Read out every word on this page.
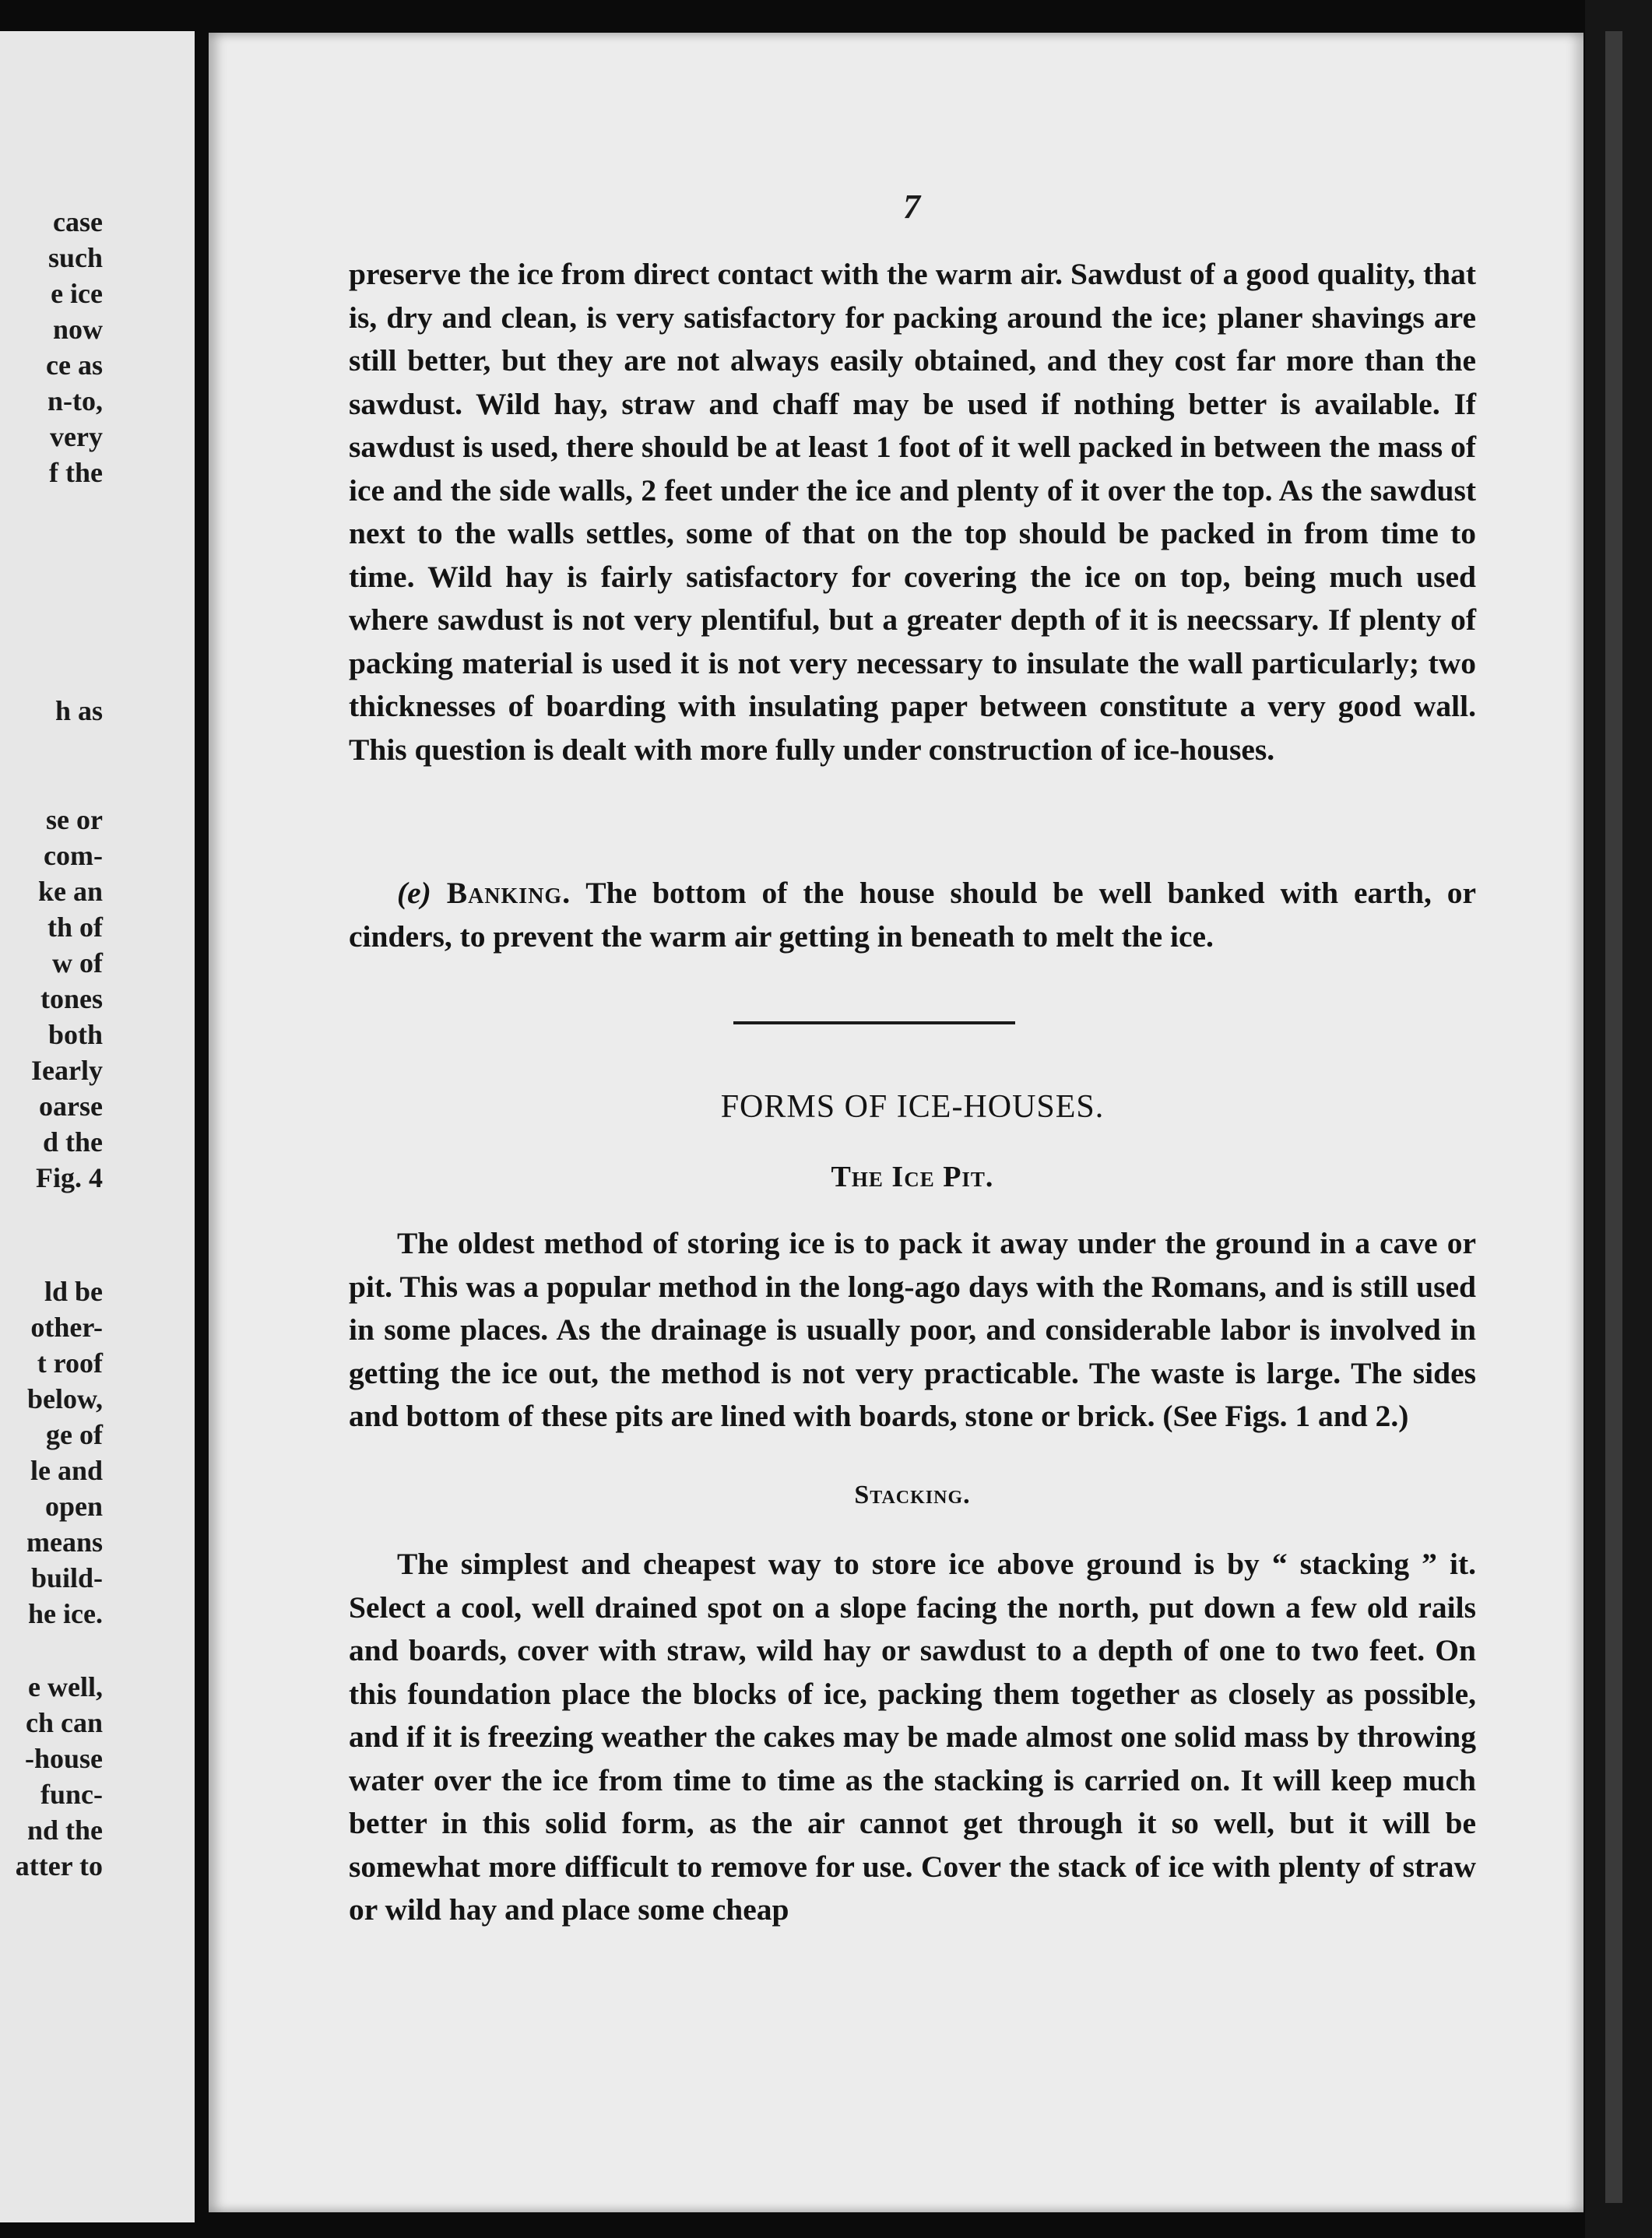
case
such
e ice
now
ce as
n-to,
very
f the
h as
se or
com-
ke an
th of
w of
tones
both
Iearly
oarse
d the
Fig. 4
ld be
other-
t roof
below,
ge of
le and
open
means
build-
he ice.
e well,
ch can
-house
func-
nd the
atter to
7

preserve the ice from direct contact with the warm air. Sawdust of a good quality, that is, dry and clean, is very satisfactory for packing around the ice; planer shavings are still better, but they are not always easily obtained, and they cost far more than the sawdust. Wild hay, straw and chaff may be used if nothing better is available. If sawdust is used, there should be at least 1 foot of it well packed in between the mass of ice and the side walls, 2 feet under the ice and plenty of it over the top. As the sawdust next to the walls settles, some of that on the top should be packed in from time to time. Wild hay is fairly satisfactory for covering the ice on top, being much used where sawdust is not very plentiful, but a greater depth of it is neecssary. If plenty of packing material is used it is not very necessary to insulate the wall particularly; two thicknesses of boarding with insulating paper between constitute a very good wall. This question is dealt with more fully under construction of ice-houses.

(e) Banking. The bottom of the house should be well banked with earth, or cinders, to prevent the warm air getting in beneath to melt the ice.

FORMS OF ICE-HOUSES.
The Ice Pit.

The oldest method of storing ice is to pack it away under the ground in a cave or pit. This was a popular method in the long-ago days with the Romans, and is still used in some places. As the drainage is usually poor, and considerable labor is involved in getting the ice out, the method is not very practicable. The waste is large. The sides and bottom of these pits are lined with boards, stone or brick. (See Figs. 1 and 2.)

Stacking.

The simplest and cheapest way to store ice above ground is by “ stacking ” it. Select a cool, well drained spot on a slope facing the north, put down a few old rails and boards, cover with straw, wild hay or sawdust to a depth of one to two feet. On this foundation place the blocks of ice, packing them together as closely as possible, and if it is freezing weather the cakes may be made almost one solid mass by throwing water over the ice from time to time as the stacking is carried on. It will keep much better in this solid form, as the air cannot get through it so well, but it will be somewhat more difficult to remove for use. Cover the stack of ice with plenty of straw or wild hay and place some cheap
